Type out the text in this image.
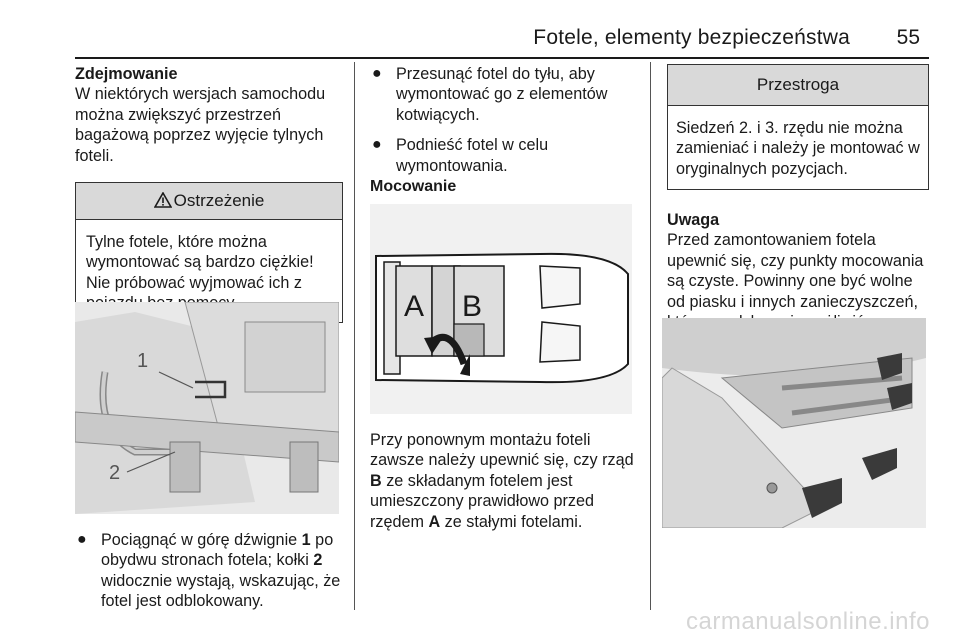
Fotele, elementy bezpieczeństwa 55

Zdejmowanie

W niektórych wersjach samochodu można zwiększyć przestrzeń bagażową poprzez wyjęcie tylnych foteli.

Ostrzeżenie
Tylne fotele, które można wymontować są bardzo ciężkie! Nie próbować wyjmować ich z
1
2
● Pociągnąć w górę dźwignie 1 po obydwu stronach fotela; kołki 2 widocznie wystają, wskazując, że fotel jest odblokowany.
● Przesunąć fotel do tyłu, aby wymontować go z elementów kotwiących.
● Podnieść fotel w celu wymontowania.
Mocowanie
A B
Przy ponownym montażu foteli zawsze należy upewnić się, czy rząd B ze składanym fotelem jest umieszczony prawidłowo przed rzędem A ze stałymi fotelami.
Przestroga
Siedzeń 2. i 3. rzędu nie można zamieniać i należy je montować w oryginalnych pozycjach.

Uwaga

Przed zamontowaniem fotela upewnić się, czy punkty mocowania są czyste. Powinny one być wolne od piasku i innych zanieczyszczeń,

carmanualsonline.info
